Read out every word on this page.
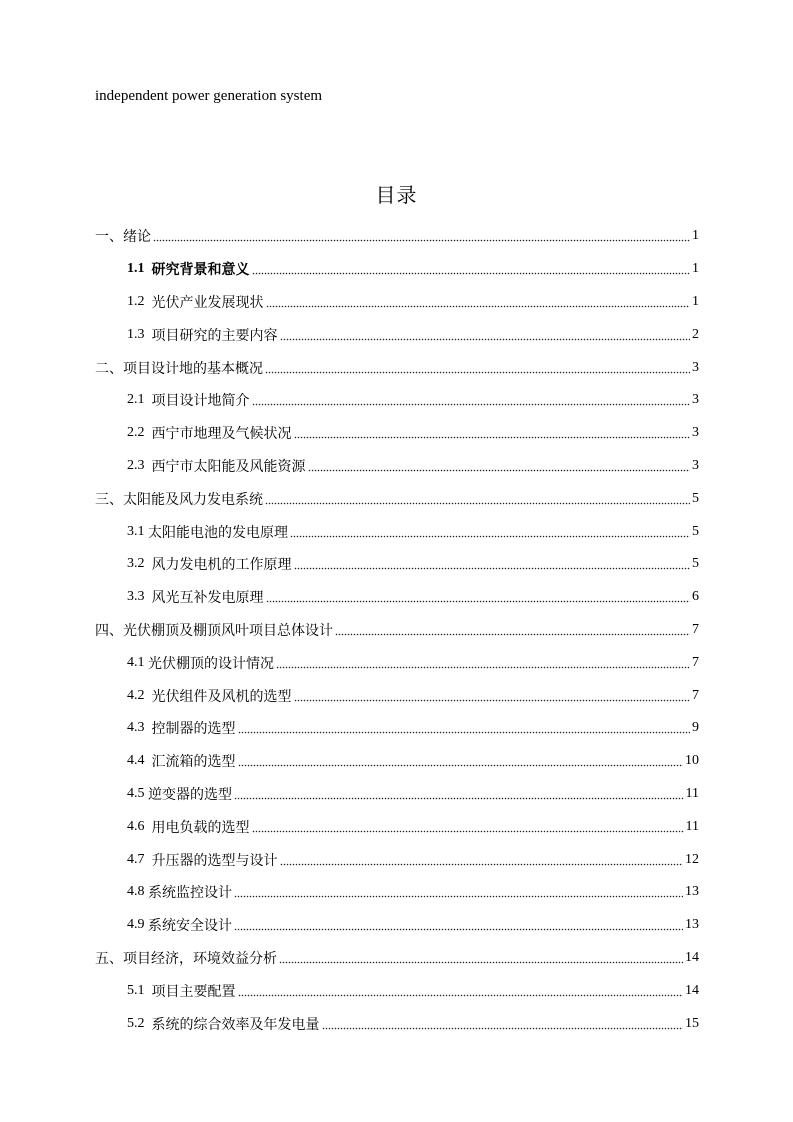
independent power generation system
目录
一、绪论	1
1.1 研究背景和意义	1
1.2 光伏产业发展现状	1
1.3 项目研究的主要内容	2
二、项目设计地的基本概况	3
2.1 项目设计地简介	3
2.2 西宁市地理及气候状况	3
2.3 西宁市太阳能及风能资源	3
三、太阳能及风力发电系统	5
3.1 太阳能电池的发电原理	5
3.2 风力发电机的工作原理	5
3.3 风光互补发电原理	6
四、光伏棚顶及棚顶风叶项目总体设计	7
4.1 光伏棚顶的设计情况	7
4.2 光伏组件及风机的选型	7
4.3 控制器的选型	9
4.4 汇流箱的选型	10
4.5 逆变器的选型	11
4.6 用电负载的选型	11
4.7 升压器的选型与设计	12
4.8 系统监控设计	13
4.9 系统安全设计	13
五、项目经济，环境效益分析	14
5.1 项目主要配置	14
5.2 系统的综合效率及年发电量	15
